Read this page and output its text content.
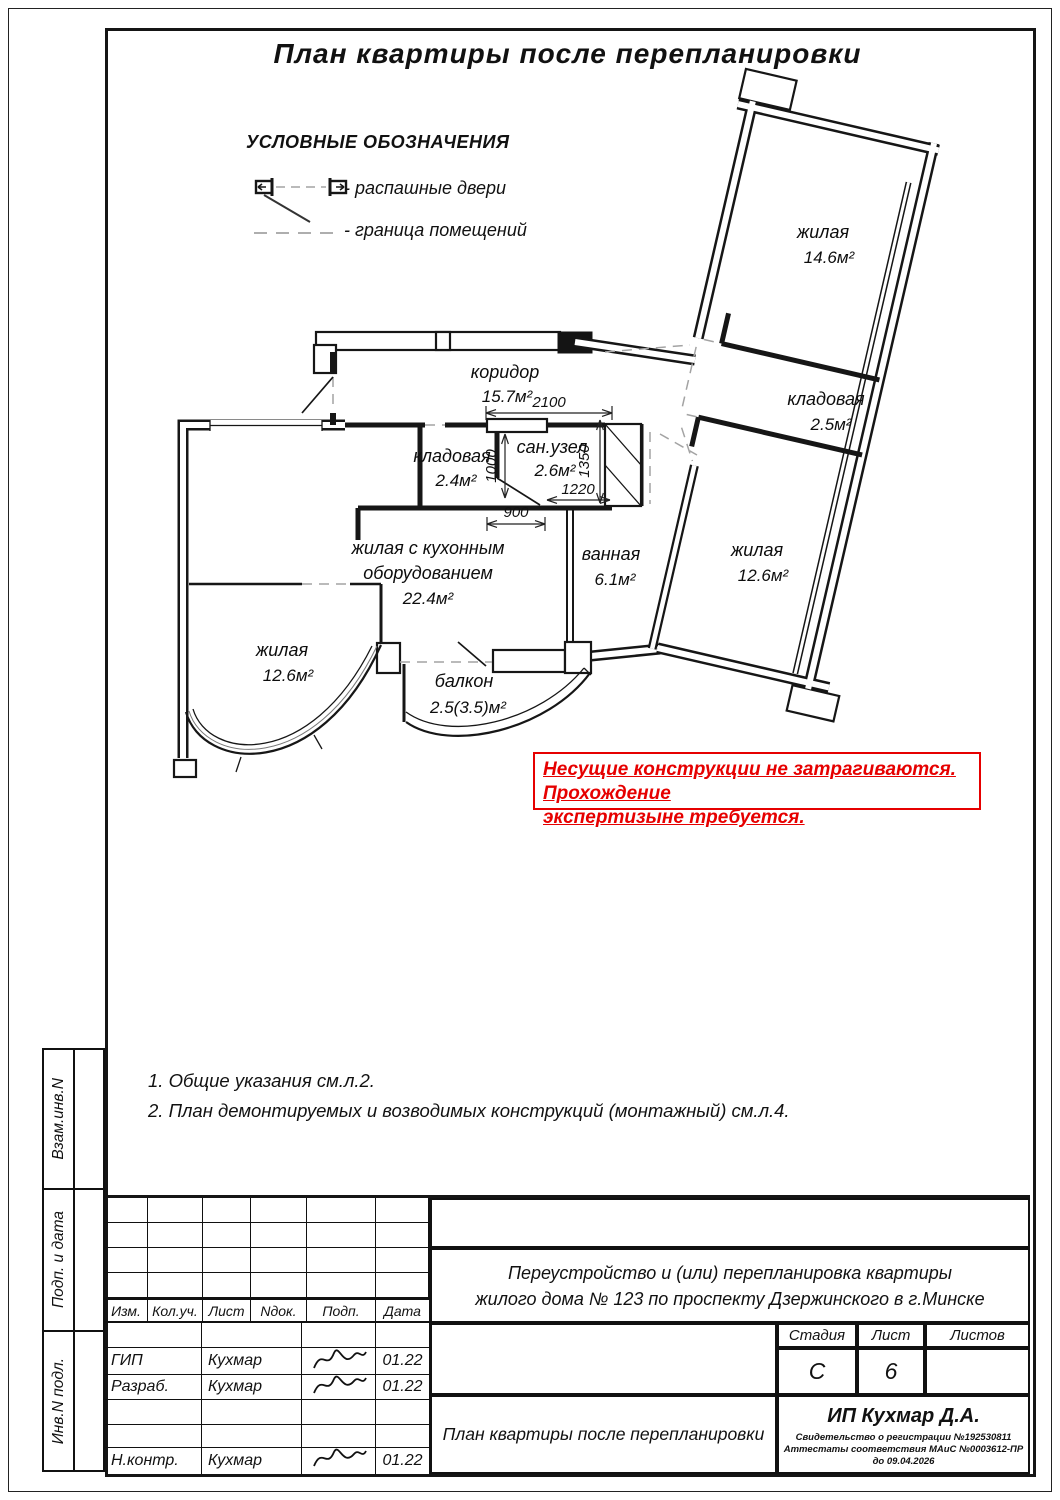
План квартиры после перепланировки
УСЛОВНЫЕ ОБОЗНАЧЕНИЯ
- распашные двери
- граница помещений
2100
1000	1350
1220
900
жилая
14.6м²
кладовая
2.5м²
жилая
12.6м²
коридор
15.7м²
сан.узел
2.6м²
кладовая
2.4м²
жилая с кухонным
оборудованием
22.4м²
ванная
6.1м²
жилая
12.6м²	балкон
2.5(3.5)м²
Несущие конструкции не затрагиваются. Прохождение
экспертизыне требуется.
1. Общие указания см.л.2.
2. План демонтируемых и возводимых конструкций (монтажный) см.л.4.
Взам.инв.N
Подп. и дата
Инв.N подл.
Изм. Кол.уч. Лист	Nдок.	Подп.	Дата
ГИП	Кухмар	01.22
Разраб.	Кухмар	01.22
Н.контр.	Кухмар	01.22
Переустройство и (или) перепланировка квартиры
жилого дома № 123 по проспекту Дзержинского в г.Минске
План квартиры после перепланировки
Стадия	Лист	Листов
С	6
ИП Кухмар Д.А.
Свидетельство о регистрации №192530811
Аттестаты соответствия МАиС №0003612-ПР до 09.04.2026
